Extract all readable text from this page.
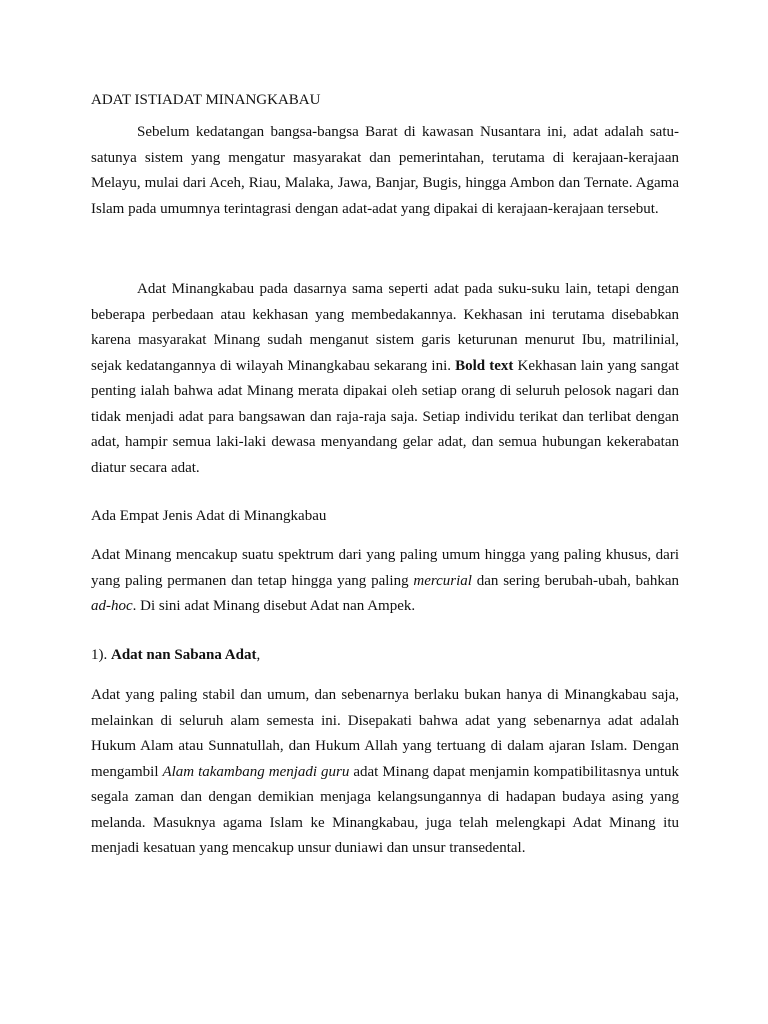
ADAT ISTIADAT MINANGKABAU

Sebelum kedatangan bangsa-bangsa Barat di kawasan Nusantara ini, adat adalah satu-satunya sistem yang mengatur masyarakat dan pemerintahan, terutama di kerajaan-kerajaan Melayu, mulai dari Aceh, Riau, Malaka, Jawa, Banjar, Bugis, hingga Ambon dan Ternate. Agama Islam pada umumnya terintagrasi dengan adat-adat yang dipakai di kerajaan-kerajaan tersebut.

Adat Minangkabau pada dasarnya sama seperti adat pada suku-suku lain, tetapi dengan beberapa perbedaan atau kekhasan yang membedakannya. Kekhasan ini terutama disebabkan karena masyarakat Minang sudah menganut sistem garis keturunan menurut Ibu, matrilinial, sejak kedatangannya di wilayah Minangkabau sekarang ini. Bold text Kekhasan lain yang sangat penting ialah bahwa adat Minang merata dipakai oleh setiap orang di seluruh pelosok nagari dan tidak menjadi adat para bangsawan dan raja-raja saja. Setiap individu terikat dan terlibat dengan adat, hampir semua laki-laki dewasa menyandang gelar adat, dan semua hubungan kekerabatan diatur secara adat.

Ada Empat Jenis Adat di Minangkabau

Adat Minang mencakup suatu spektrum dari yang paling umum hingga yang paling khusus, dari yang paling permanen dan tetap hingga yang paling mercurial dan sering berubah-ubah, bahkan ad-hoc. Di sini adat Minang disebut Adat nan Ampek.

1). Adat nan Sabana Adat,

Adat yang paling stabil dan umum, dan sebenarnya berlaku bukan hanya di Minangkabau saja, melainkan di seluruh alam semesta ini. Disepakati bahwa adat yang sebenarnya adat adalah Hukum Alam atau Sunnatullah, dan Hukum Allah yang tertuang di dalam ajaran Islam. Dengan mengambil Alam takambang menjadi guru adat Minang dapat menjamin kompatibilitasnya untuk segala zaman dan dengan demikian menjaga kelangsungannya di hadapan budaya asing yang melanda. Masuknya agama Islam ke Minangkabau, juga telah melengkapi Adat Minang itu menjadi kesatuan yang mencakup unsur duniawi dan unsur transedental.
